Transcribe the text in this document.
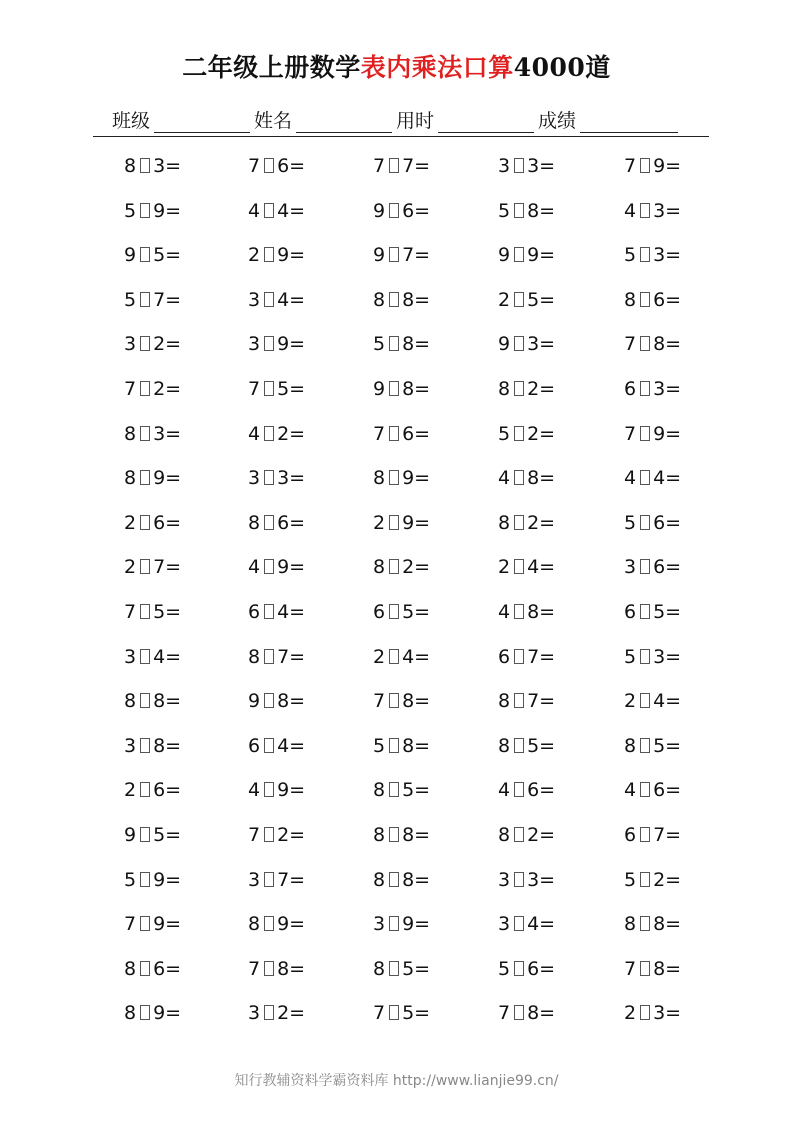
二年级上册数学表内乘法口算4000道
班级	姓名	用时	成绩
8 3=	7 6=	7 7=	3 3=	7 9=
5 9=	4 4=	9 6=	5 8=	4 3=
9 5=	2 9=	9 7=	9 9=	5 3=
5 7=	3 4=	8 8=	2 5=	8 6=
3 2=	3 9=	5 8=	9 3=	7 8=
7 2=	7 5=	9 8=	8 2=	6 3=
8 3=	4 2=	7 6=	5 2=	7 9=
8 9=	3 3=	8 9=	4 8=	4 4=
2 6=	8 6=	2 9=	8 2=	5 6=
2 7=	4 9=	8 2=	2 4=	3 6=
7 5=	6 4=	6 5=	4 8=	6 5=
3 4=	8 7=	2 4=	6 7=	5 3=
8 8=	9 8=	7 8=	8 7=	2 4=
3 8=	6 4=	5 8=	8 5=	8 5=
2 6=	4 9=	8 5=	4 6=	4 6=
9 5=	7 2=	8 8=	8 2=	6 7=
5 9=	3 7=	8 8=	3 3=	5 2=
7 9=	8 9=	3 9=	3 4=	8 8=
8 6=	7 8=	8 5=	5 6=	7 8=
8 9=	3 2=	7 5=	7 8=	2 3=
知行教辅资料学霸资料库 http://www.lianjie99.cn/
